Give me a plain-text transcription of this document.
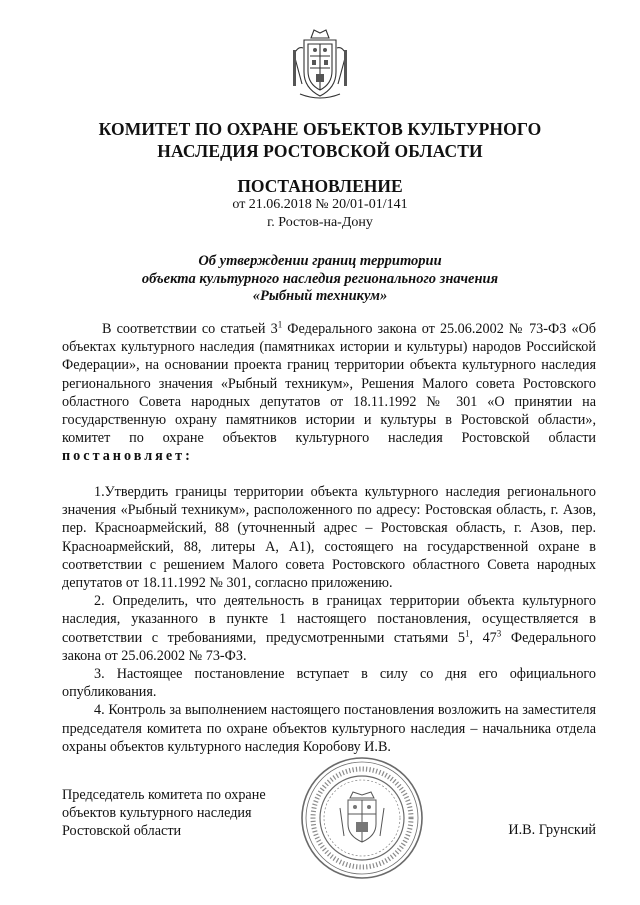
КОМИТЕТ ПО ОХРАНЕ ОБЪЕКТОВ КУЛЬТУРНОГО
НАСЛЕДИЯ РОСТОВСКОЙ ОБЛАСТИ
ПОСТАНОВЛЕНИЕ
от 21.06.2018 № 20/01-01/141
г. Ростов-на-Дону
Об утверждении границ территории
объекта культурного наследия регионального значения
«Рыбный техникум»

В соответствии со статьей $3^1$ Федерального закона от 25.06.2002 № 73-ФЗ «Об объектах культурного наследия (памятниках истории и культуры) народов Российской Федерации», на основании проекта границ территории объекта культурного наследия регионального значения «Рыбный техникум», Решения Малого совета Ростовского областного Совета народных депутатов от 18.11.1992 № 301 «О принятии на государственную охрану памятников истории и культуры в Ростовской области», комитет по охране объектов культурного наследия Ростовской области постановляет:

1.Утвердить границы территории объекта культурного наследия регионального значения «Рыбный техникум», расположенного по адресу: Ростовская область, г. Азов, пер. Красноармейский, 88 (уточненный адрес – Ростовская область, г. Азов, пер. Красноармейский, 88, литеры А, А1), состоящего на государственной охране в соответствии с решением Малого совета Ростовского областного Совета народных депутатов от 18.11.1992 № 301, согласно приложению.

2. Определить, что деятельность в границах территории объекта культурного наследия, указанного в пункте 1 настоящего постановления, осуществляется в соответствии с требованиями, предусмотренными статьями $5^1$, $47^3$ Федерального закона от 25.06.2002 № 73-ФЗ.

3. Настоящее постановление вступает в силу со дня его официального опубликования.

4. Контроль за выполнением настоящего постановления возложить на заместителя председателя комитета по охране объектов культурного наследия – начальника отдела охраны объектов культурного наследия Коробову И.В.

Председатель комитета по охране
объектов культурного наследия
Ростовской области	И.В. Грунский
